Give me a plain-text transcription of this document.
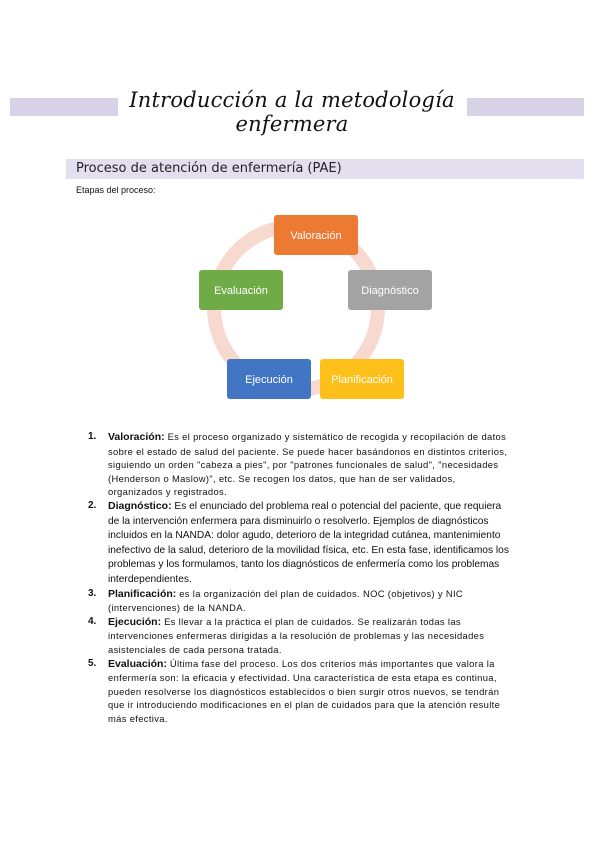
Introducción a la metodología enfermera
Proceso de atención de enfermería (PAE)
Etapas del proceso:
Valoración
Diagnóstico
Planificación
Ejecución
Evaluación
1. Valoración: Es el proceso organizado y sistemático de recogida y recopilación de datos sobre el estado de salud del paciente. Se puede hacer basándonos en distintos criterios, siguiendo un orden "cabeza a pies", por "patrones funcionales de salud", "necesidades (Henderson o Maslow)", etc. Se recogen los datos, que han de ser validados, organizados y registrados.
2. Diagnóstico: Es el enunciado del problema real o potencial del paciente, que requiera de la intervención enfermera para disminuirlo o resolverlo. Ejemplos de diagnósticos incluidos en la NANDA: dolor agudo, deterioro de la integridad cutánea, mantenimiento inefectivo de la salud, deterioro de la movilidad física, etc. En esta fase, identificamos los problemas y los formulamos, tanto los diagnósticos de enfermería como los problemas interdependientes.
3. Planificación: es la organización del plan de cuidados. NOC (objetivos) y NIC (intervenciones) de la NANDA.
4. Ejecución: Es llevar a la práctica el plan de cuidados. Se realizarán todas las intervenciones enfermeras dirigidas a la resolución de problemas y las necesidades asistenciales de cada persona tratada.
5. Evaluación: Última fase del proceso. Los dos criterios más importantes que valora la enfermería son: la eficacia y efectividad. Una característica de esta etapa es continua, pueden resolverse los diagnósticos establecidos o bien surgir otros nuevos, se tendrán que ir introduciendo modificaciones en el plan de cuidados para que la atención resulte más efectiva.
